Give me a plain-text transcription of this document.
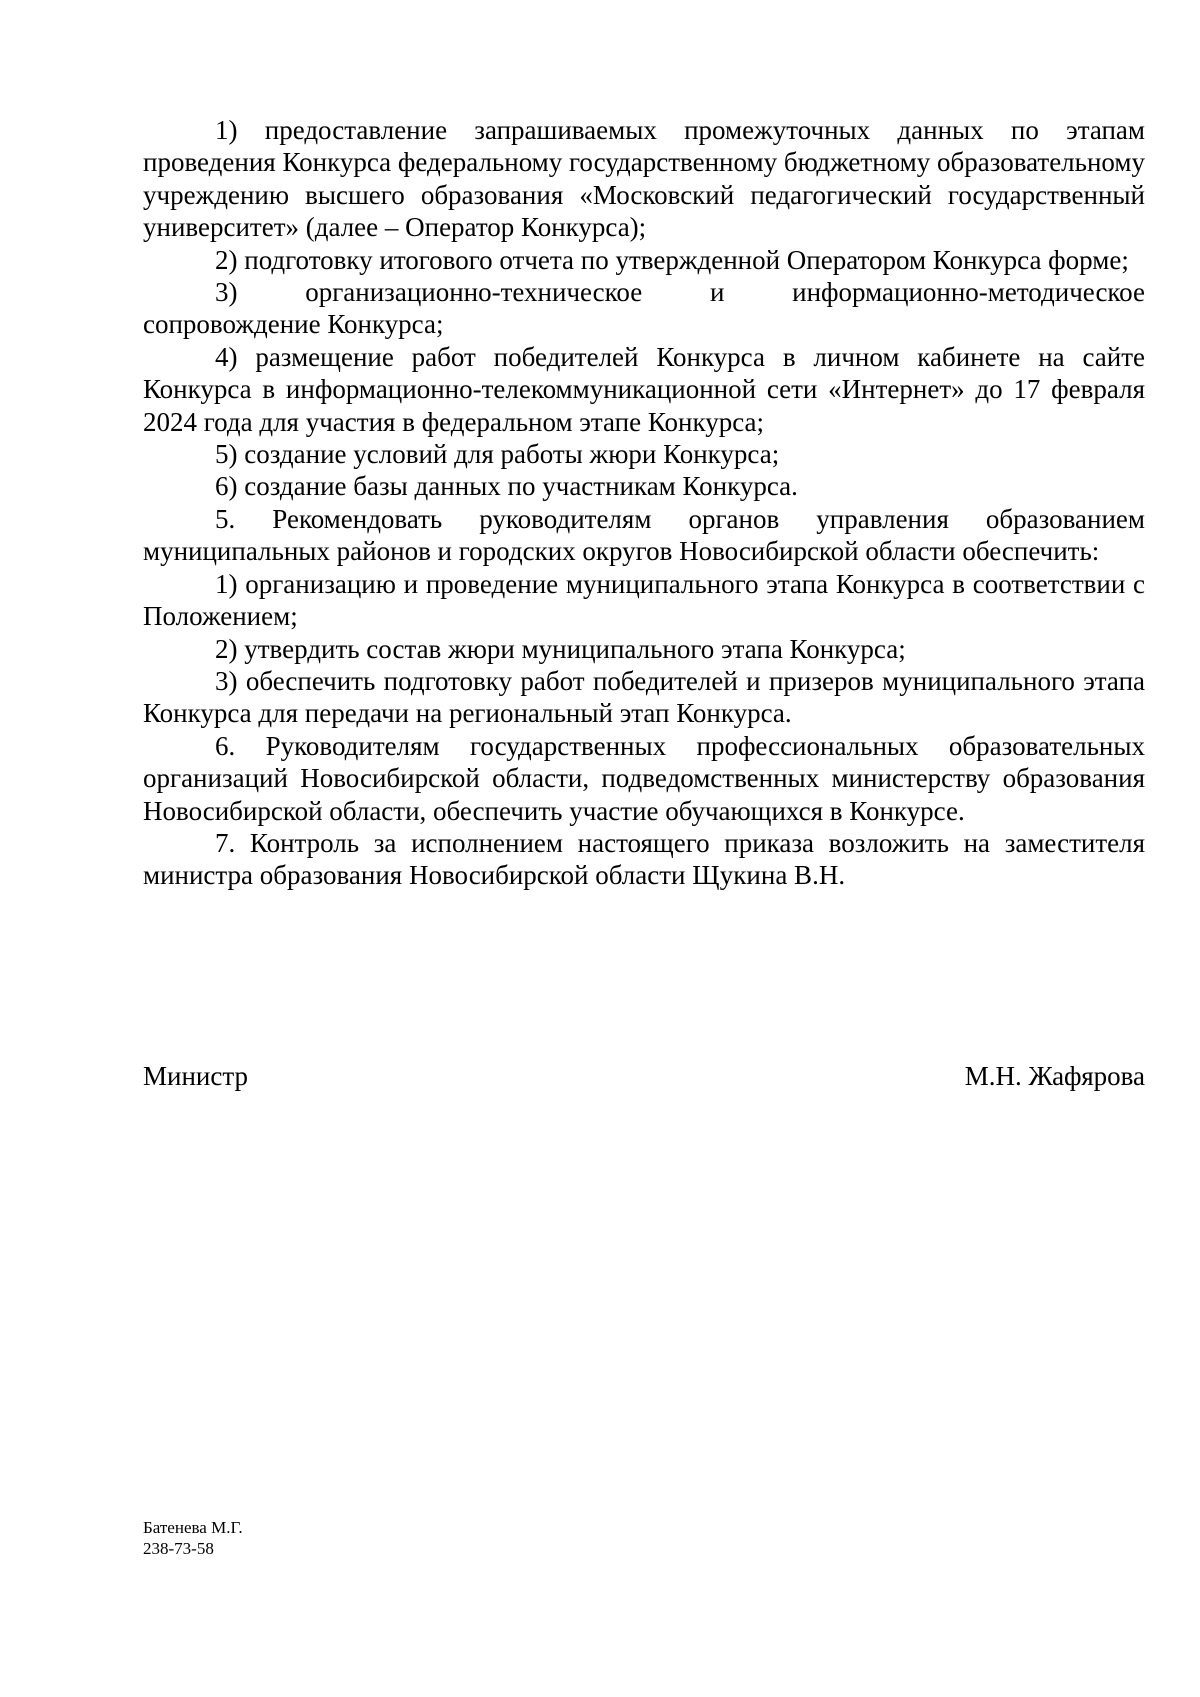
1) предоставление запрашиваемых промежуточных данных по этапам проведения Конкурса федеральному государственному бюджетному образовательному учреждению высшего образования «Московский педагогический государственный университет» (далее – Оператор Конкурса);

2) подготовку итогового отчета по утвержденной Оператором Конкурса форме;

3) организационно-техническое и информационно-методическое сопровождение Конкурса;

4) размещение работ победителей Конкурса в личном кабинете на сайте Конкурса в информационно-телекоммуникационной сети «Интернет» до 17 февраля 2024 года для участия в федеральном этапе Конкурса;

5) создание условий для работы жюри Конкурса;

6) создание базы данных по участникам Конкурса.

5. Рекомендовать руководителям органов управления образованием муниципальных районов и городских округов Новосибирской области обеспечить:

1) организацию и проведение муниципального этапа Конкурса в соответствии с Положением;

2) утвердить состав жюри муниципального этапа Конкурса;

3) обеспечить подготовку работ победителей и призеров муниципального этапа Конкурса для передачи на региональный этап Конкурса.

6. Руководителям государственных профессиональных образовательных организаций Новосибирской области, подведомственных министерству образования Новосибирской области, обеспечить участие обучающихся в Конкурсе.

7. Контроль за исполнением настоящего приказа возложить на заместителя министра образования Новосибирской области Щукина В.Н.

Министр	М.Н. Жафярова
Батенева М.Г.
238-73-58
